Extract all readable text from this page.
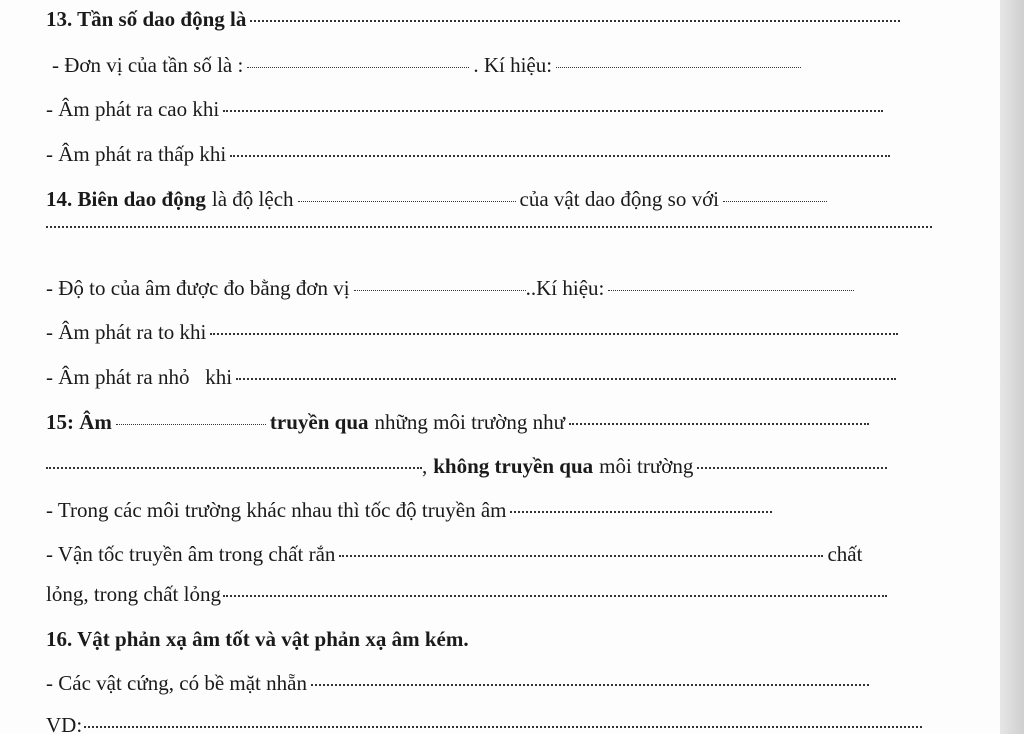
13. Tần số dao động là
- Đơn vị của tần số là :	. Kí hiệu:
- Âm phát ra cao khi
- Âm phát ra thấp khi
14. Biên dao động là độ lệch	của vật dao động so với
- Độ to của âm được đo bằng đơn vị	..Kí hiệu:
- Âm phát ra to khi
- Âm phát ra nhỏ   khi
15: Âm	truyền qua những môi trường như
, không truyền qua môi trường
- Trong các môi trường khác nhau thì tốc độ truyền âm
- Vận tốc truyền âm trong chất rắn	chất
lỏng, trong chất lỏng
16. Vật phản xạ âm tốt và vật phản xạ âm kém.
- Các vật cứng, có bề mặt nhẵn
VD:
